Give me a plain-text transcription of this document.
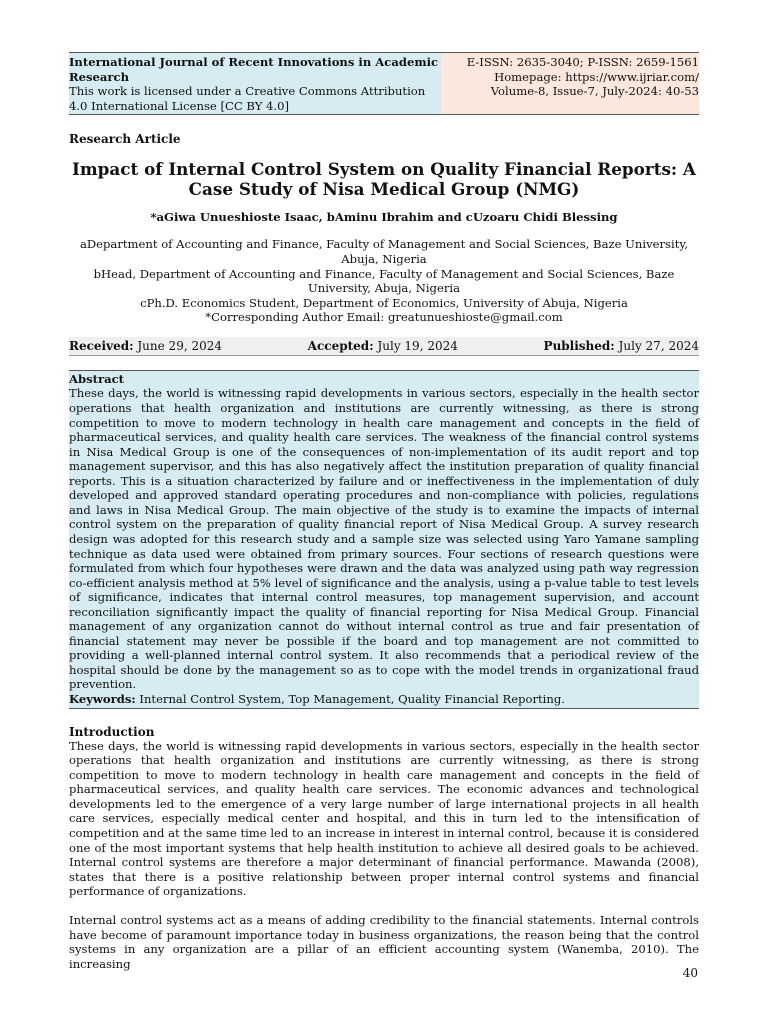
International Journal of Recent Innovations in Academic Research
This work is licensed under a Creative Commons Attribution 4.0 International License [CC BY 4.0]
E-ISSN: 2635-3040; P-ISSN: 2659-1561
Homepage: https://www.ijriar.com/
Volume-8, Issue-7, July-2024: 40-53
Research Article
Impact of Internal Control System on Quality Financial Reports: A Case Study of Nisa Medical Group (NMG)
*aGiwa Unueshioste Isaac, bAminu Ibrahim and cUzoaru Chidi Blessing
aDepartment of Accounting and Finance, Faculty of Management and Social Sciences, Baze University, Abuja, Nigeria
bHead, Department of Accounting and Finance, Faculty of Management and Social Sciences, Baze University, Abuja, Nigeria
cPh.D. Economics Student, Department of Economics, University of Abuja, Nigeria
*Corresponding Author Email: greatunueshioste@gmail.com
Received: June 29, 2024	Accepted: July 19, 2024	Published: July 27, 2024
Abstract
These days, the world is witnessing rapid developments in various sectors, especially in the health sector operations that health organization and institutions are currently witnessing, as there is strong competition to move to modern technology in health care management and concepts in the field of pharmaceutical services, and quality health care services. The weakness of the financial control systems in Nisa Medical Group is one of the consequences of non-implementation of its audit report and top management supervisor, and this has also negatively affect the institution preparation of quality financial reports. This is a situation characterized by failure and or ineffectiveness in the implementation of duly developed and approved standard operating procedures and non-compliance with policies, regulations and laws in Nisa Medical Group. The main objective of the study is to examine the impacts of internal control system on the preparation of quality financial report of Nisa Medical Group. A survey research design was adopted for this research study and a sample size was selected using Yaro Yamane sampling technique as data used were obtained from primary sources. Four sections of research questions were formulated from which four hypotheses were drawn and the data was analyzed using path way regression co-efficient analysis method at 5% level of significance and the analysis, using a p-value table to test levels of significance, indicates that internal control measures, top management supervision, and account reconciliation significantly impact the quality of financial reporting for Nisa Medical Group. Financial management of any organization cannot do without internal control as true and fair presentation of financial statement may never be possible if the board and top management are not committed to providing a well-planned internal control system. It also recommends that a periodical review of the hospital should be done by the management so as to cope with the model trends in organizational fraud prevention.
Keywords: Internal Control System, Top Management, Quality Financial Reporting.
Introduction
These days, the world is witnessing rapid developments in various sectors, especially in the health sector operations that health organization and institutions are currently witnessing, as there is strong competition to move to modern technology in health care management and concepts in the field of pharmaceutical services, and quality health care services. The economic advances and technological developments led to the emergence of a very large number of large international projects in all health care services, especially medical center and hospital, and this in turn led to the intensification of competition and at the same time led to an increase in interest in internal control, because it is considered one of the most important systems that help health institution to achieve all desired goals to be achieved. Internal control systems are therefore a major determinant of financial performance. Mawanda (2008), states that there is a positive relationship between proper internal control systems and financial performance of organizations.
Internal control systems act as a means of adding credibility to the financial statements. Internal controls have become of paramount importance today in business organizations, the reason being that the control systems in any organization are a pillar of an efficient accounting system (Wanemba, 2010). The increasing
40
